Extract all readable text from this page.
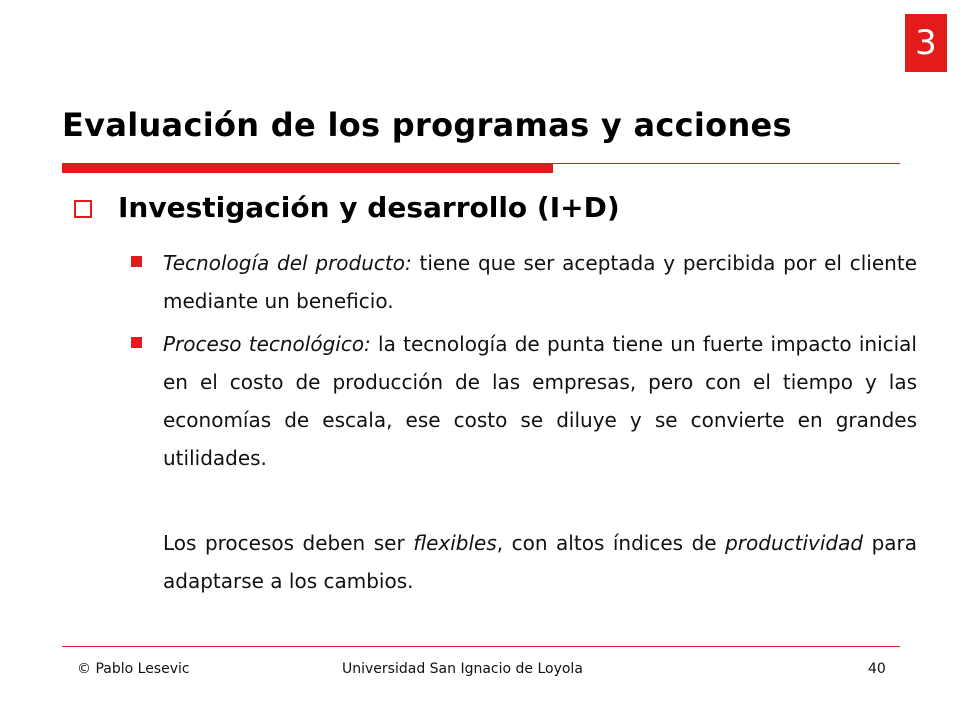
3
Evaluación de los programas y acciones
Investigación y desarrollo (I+D)

Tecnología del producto: tiene que ser aceptada y percibida por el cliente mediante un beneficio.

Proceso tecnológico: la tecnología de punta tiene un fuerte impacto inicial en el costo de producción de las empresas, pero con el tiempo y las economías de escala, ese costo se diluye y se convierte en grandes utilidades.

Los procesos deben ser flexibles, con altos índices de productividad para adaptarse a los cambios.

© Pablo Lesevic	Universidad San Ignacio de Loyola	40
